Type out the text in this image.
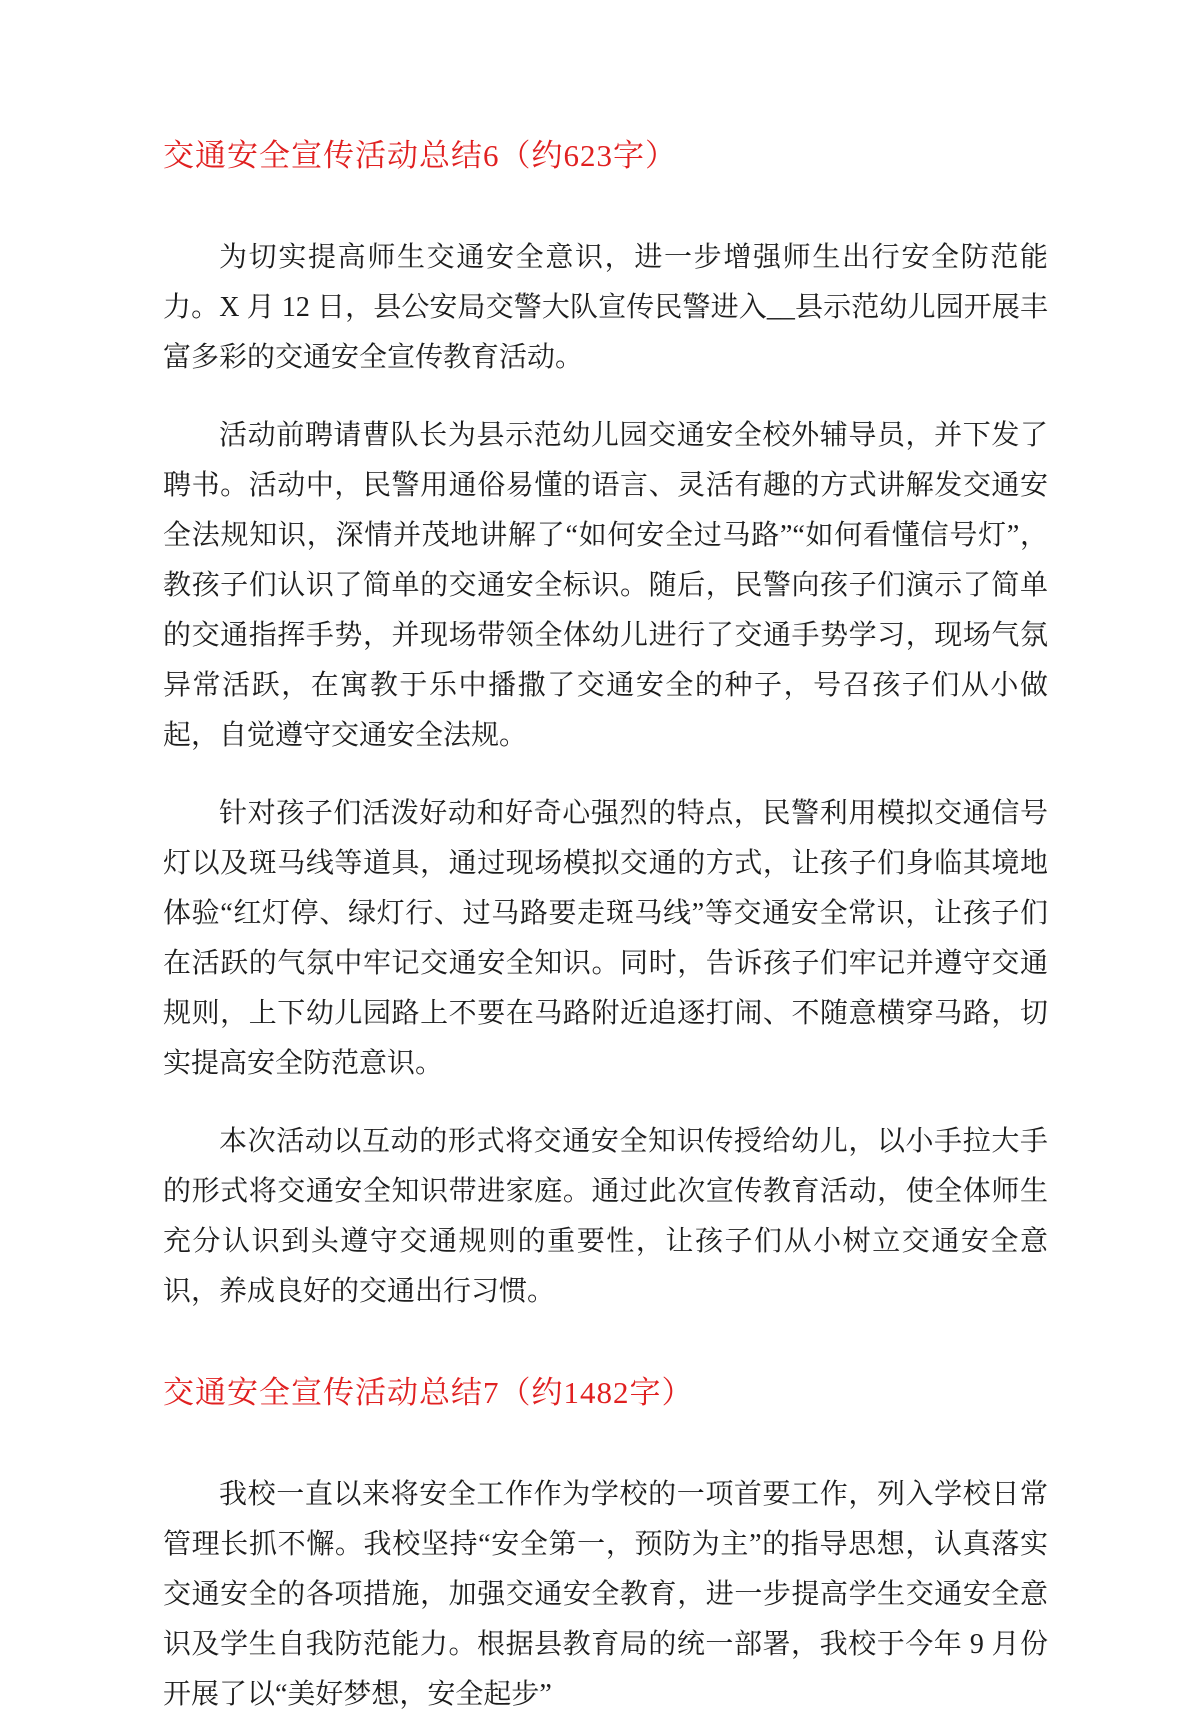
交通安全宣传活动总结6（约623字）

为切实提高师生交通安全意识，进一步增强师生出行安全防范能力。X 月 12 日，县公安局交警大队宣传民警进入__县示范幼儿园开展丰富多彩的交通安全宣传教育活动。

活动前聘请曹队长为县示范幼儿园交通安全校外辅导员，并下发了聘书。活动中，民警用通俗易懂的语言、灵活有趣的方式讲解发交通安全法规知识，深情并茂地讲解了“如何安全过马路”“如何看懂信号灯”，教孩子们认识了简单的交通安全标识。随后，民警向孩子们演示了简单的交通指挥手势，并现场带领全体幼儿进行了交通手势学习，现场气氛异常活跃，在寓教于乐中播撒了交通安全的种子，号召孩子们从小做起，自觉遵守交通安全法规。

针对孩子们活泼好动和好奇心强烈的特点，民警利用模拟交通信号灯以及斑马线等道具，通过现场模拟交通的方式，让孩子们身临其境地体验“红灯停、绿灯行、过马路要走斑马线”等交通安全常识，让孩子们在活跃的气氛中牢记交通安全知识。同时，告诉孩子们牢记并遵守交通规则，上下幼儿园路上不要在马路附近追逐打闹、不随意横穿马路，切实提高安全防范意识。

本次活动以互动的形式将交通安全知识传授给幼儿，以小手拉大手的形式将交通安全知识带进家庭。通过此次宣传教育活动，使全体师生充分认识到头遵守交通规则的重要性，让孩子们从小树立交通安全意识，养成良好的交通出行习惯。

交通安全宣传活动总结7（约1482字）

我校一直以来将安全工作作为学校的一项首要工作，列入学校日常管理长抓不懈。我校坚持“安全第一，预防为主”的指导思想，认真落实交通安全的各项措施，加强交通安全教育，进一步提高学生交通安全意识及学生自我防范能力。根据县教育局的统一部署，我校于今年 9 月份开展了以“美好梦想，安全起步”
